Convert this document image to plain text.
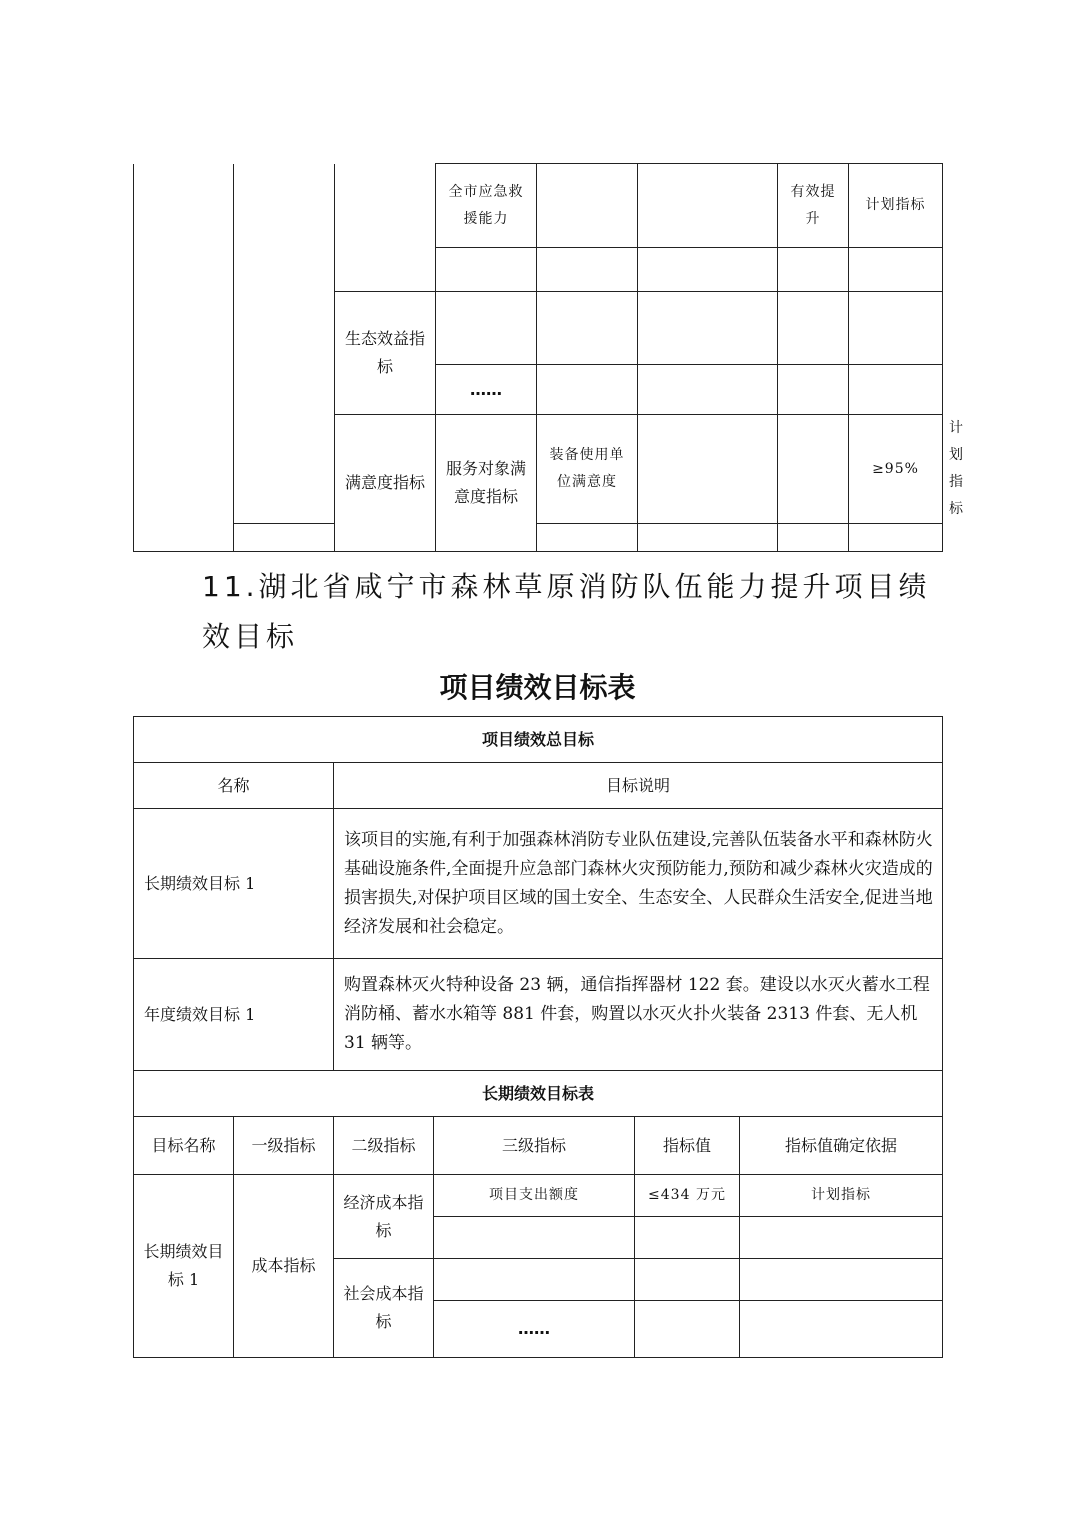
			全市应急救援能力			有效提升	计划指标	

		生态效益指标						
			……					
		满意度指标	服务对象满意度指标	装备使用单位满意度			≥95%	计划指标

11.湖北省咸宁市森林草原消防队伍能力提升项目绩效目标
项目绩效目标表
项目绩效总目标					
名称		目标说明			
长期绩效目标 1		该项目的实施,有利于加强森林消防专业队伍建设,完善队伍装备水平和森林防火基础设施条件,全面提升应急部门森林火灾预防能力,预防和减少森林火灾造成的损害损失,对保护项目区域的国土安全、生态安全、人民群众生活安全,促进当地经济发展和社会稳定。			
年度绩效目标 1		购置森林灭火特种设备 23 辆，通信指挥器材 122 套。建设以水灭火蓄水工程消防桶、蓄水水箱等 881 件套，购置以水灭火扑火装备 2313 件套、无人机 31 辆等。			
长期绩效目标表					
目标名称	一级指标	二级指标	三级指标	指标值	指标值确定依据
长期绩效目标 1	成本指标	经济成本指标	项目支出额度	≤434 万元	计划指标

		社会成本指标			
			……		
